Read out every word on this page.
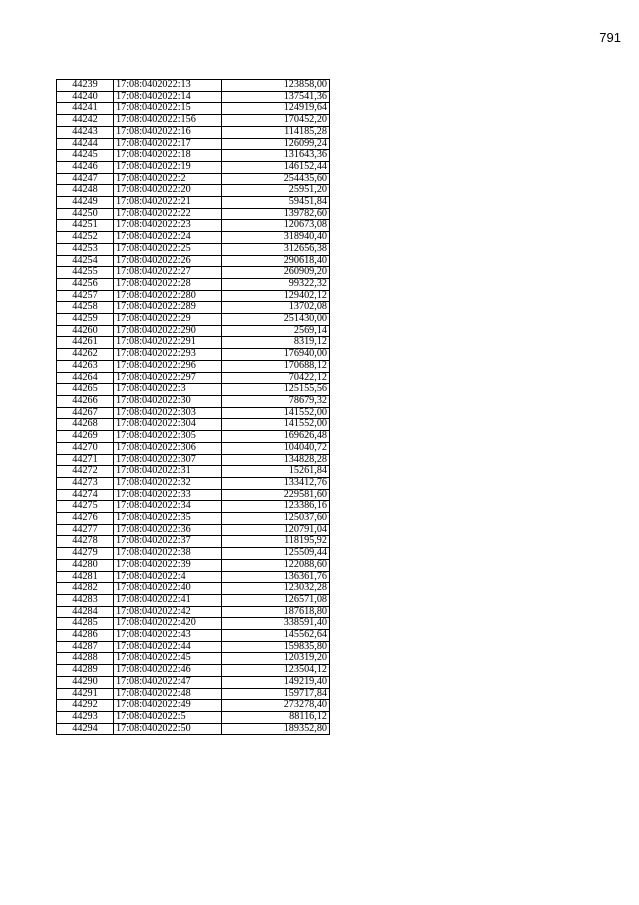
791
44239	17:08:0402022:13	123858,00
44240	17:08:0402022:14	137541,36
44241	17:08:0402022:15	124919,64
44242	17:08:0402022:156	170452,20
44243	17:08:0402022:16	114185,28
44244	17:08:0402022:17	126099,24
44245	17:08:0402022:18	131643,36
44246	17:08:0402022:19	146152,44
44247	17:08:0402022:2	254435,60
44248	17:08:0402022:20	25951,20
44249	17:08:0402022:21	59451,84
44250	17:08:0402022:22	139782,60
44251	17:08:0402022:23	120673,08
44252	17:08:0402022:24	318940,40
44253	17:08:0402022:25	312656,38
44254	17:08:0402022:26	290618,40
44255	17:08:0402022:27	260909,20
44256	17:08:0402022:28	99322,32
44257	17:08:0402022:280	129402,12
44258	17:08:0402022:289	13702,08
44259	17:08:0402022:29	251430,00
44260	17:08:0402022:290	2569,14
44261	17:08:0402022:291	8319,12
44262	17:08:0402022:293	176940,00
44263	17:08:0402022:296	170688,12
44264	17:08:0402022:297	70422,12
44265	17:08:0402022:3	125155,56
44266	17:08:0402022:30	78679,32
44267	17:08:0402022:303	141552,00
44268	17:08:0402022:304	141552,00
44269	17:08:0402022:305	169626,48
44270	17:08:0402022:306	104040,72
44271	17:08:0402022:307	134828,28
44272	17:08:0402022:31	15261,84
44273	17:08:0402022:32	133412,76
44274	17:08:0402022:33	229581,60
44275	17:08:0402022:34	123386,16
44276	17:08:0402022:35	125037,60
44277	17:08:0402022:36	120791,04
44278	17:08:0402022:37	118195,92
44279	17:08:0402022:38	125509,44
44280	17:08:0402022:39	122088,60
44281	17:08:0402022:4	136361,76
44282	17:08:0402022:40	123032,28
44283	17:08:0402022:41	126571,08
44284	17:08:0402022:42	187618,80
44285	17:08:0402022:420	338591,40
44286	17:08:0402022:43	145562,64
44287	17:08:0402022:44	159835,80
44288	17:08:0402022:45	120319,20
44289	17:08:0402022:46	123504,12
44290	17:08:0402022:47	149219,40
44291	17:08:0402022:48	159717,84
44292	17:08:0402022:49	273278,40
44293	17:08:0402022:5	88116,12
44294	17:08:0402022:50	189352,80
